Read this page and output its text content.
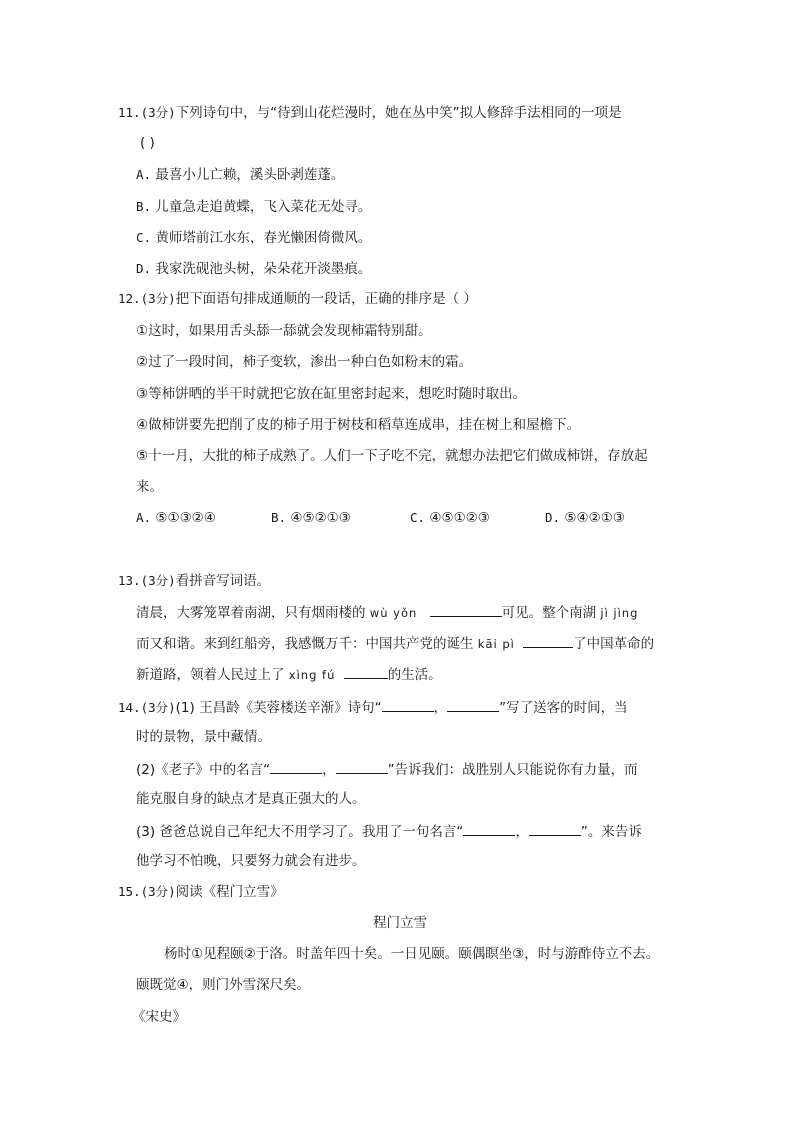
11.(3分)下列诗句中，与“待到山花烂漫时，她在丛中笑”拟人修辞手法相同的一项是
( )
A. 最喜小儿亡赖，溪头卧剥莲蓬。
B. 儿童急走追黄蝶，飞入菜花无处寻。
C. 黄师塔前江水东，春光懒困倚微风。
D. 我家洗砚池头树，朵朵花开淡墨痕。
12.(3分)把下面语句排成通顺的一段话，正确的排序是（ ）
①这时，如果用舌头舔一舔就会发现柿霜特别甜。
②过了一段时间，柿子变软，渗出一种白色如粉末的霜。
③等柿饼晒的半干时就把它放在缸里密封起来，想吃时随时取出。
④做柿饼要先把削了皮的柿子用于树枝和稻草连成串，挂在树上和屋檐下。
⑤十一月，大批的柿子成熟了。人们一下子吃不完，就想办法把它们做成柿饼，存放起
来。
A. ⑤①③②④	B. ④⑤②①③	C. ④⑤①②③	D. ⑤④②①③
13.(3分)看拼音写词语。
清晨，大雾笼罩着南湖，只有烟雨楼的 wù yǒn	可见。整个南湖 jì jìng
而又和谐。来到红船旁，我感慨万千：中国共产党的诞生 kāi pì	了中国革命的
新道路，领着人民过上了 xìng fú	的生活。
14.(3分)(1) 王昌龄《芙蓉楼送辛渐》诗句“	，	”写了送客的时间，当
时的景物，景中藏情。
(2)《老子》中的名言“	，	”告诉我们：战胜别人只能说你有力量，而
能克服自身的缺点才是真正强大的人。
(3) 爸爸总说自己年纪大不用学习了。我用了一句名言“	，	”。来告诉
他学习不怕晚，只要努力就会有进步。
15.(3分)阅读《程门立雪》
程门立雪
杨时①见程颐②于洛。时盖年四十矣。一日见颐。颐偶瞑坐③，时与游酢侍立不去。
颐既觉④，则门外雪深尺矣。
《宋史》
